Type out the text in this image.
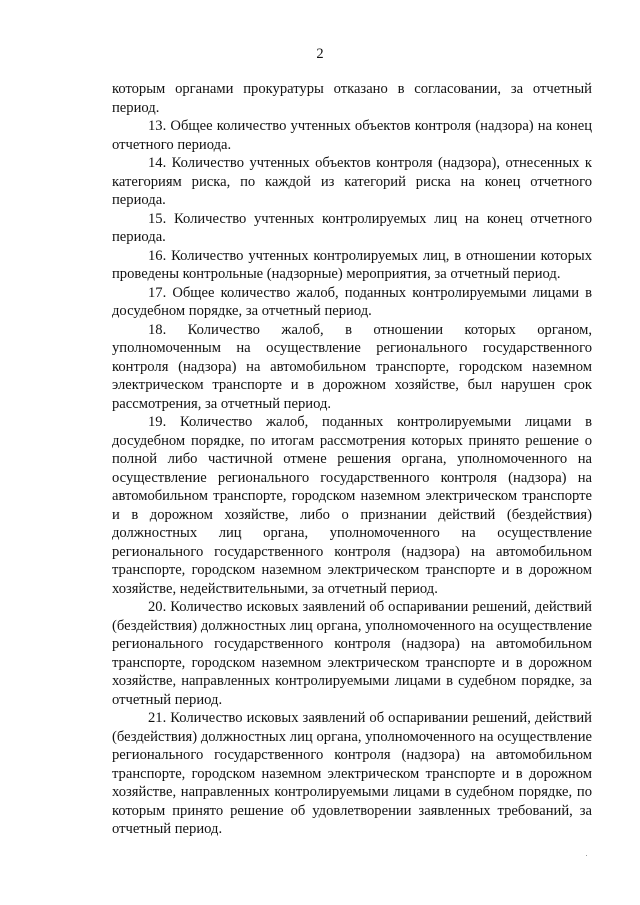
2

которым органами прокуратуры отказано в согласовании, за отчетный период.

13. Общее количество учтенных объектов контроля (надзора) на конец отчетного периода.

14. Количество учтенных объектов контроля (надзора), отнесенных к категориям риска, по каждой из категорий риска на конец отчетного периода.

15. Количество учтенных контролируемых лиц на конец отчетного периода.

16. Количество учтенных контролируемых лиц, в отношении которых проведены контрольные (надзорные) мероприятия, за отчетный период.

17. Общее количество жалоб, поданных контролируемыми лицами в досудебном порядке, за отчетный период.

18. Количество жалоб, в отношении которых органом, уполномоченным на осуществление регионального государственного контроля (надзора) на автомобильном транспорте, городском наземном электрическом транспорте и в дорожном хозяйстве, был нарушен срок рассмотрения, за отчетный период.

19. Количество жалоб, поданных контролируемыми лицами в досудебном порядке, по итогам рассмотрения которых принято решение о полной либо частичной отмене решения органа, уполномоченного на осуществление регионального государственного контроля (надзора) на автомобильном транспорте, городском наземном электрическом транспорте и в дорожном хозяйстве, либо о признании действий (бездействия) должностных лиц органа, уполномоченного на осуществление регионального государственного контроля (надзора) на автомобильном транспорте, городском наземном электрическом транспорте и в дорожном хозяйстве, недействительными, за отчетный период.

20. Количество исковых заявлений об оспаривании решений, действий (бездействия) должностных лиц органа, уполномоченного на осуществление регионального государственного контроля (надзора) на автомобильном транспорте, городском наземном электрическом транспорте и в дорожном хозяйстве, направленных контролируемыми лицами в судебном порядке, за отчетный период.

21. Количество исковых заявлений об оспаривании решений, действий (бездействия) должностных лиц органа, уполномоченного на осуществление регионального государственного контроля (надзора) на автомобильном транспорте, городском наземном электрическом транспорте и в дорожном хозяйстве, направленных контролируемыми лицами в судебном порядке, по которым принято решение об удовлетворении заявленных требований, за отчетный период.
